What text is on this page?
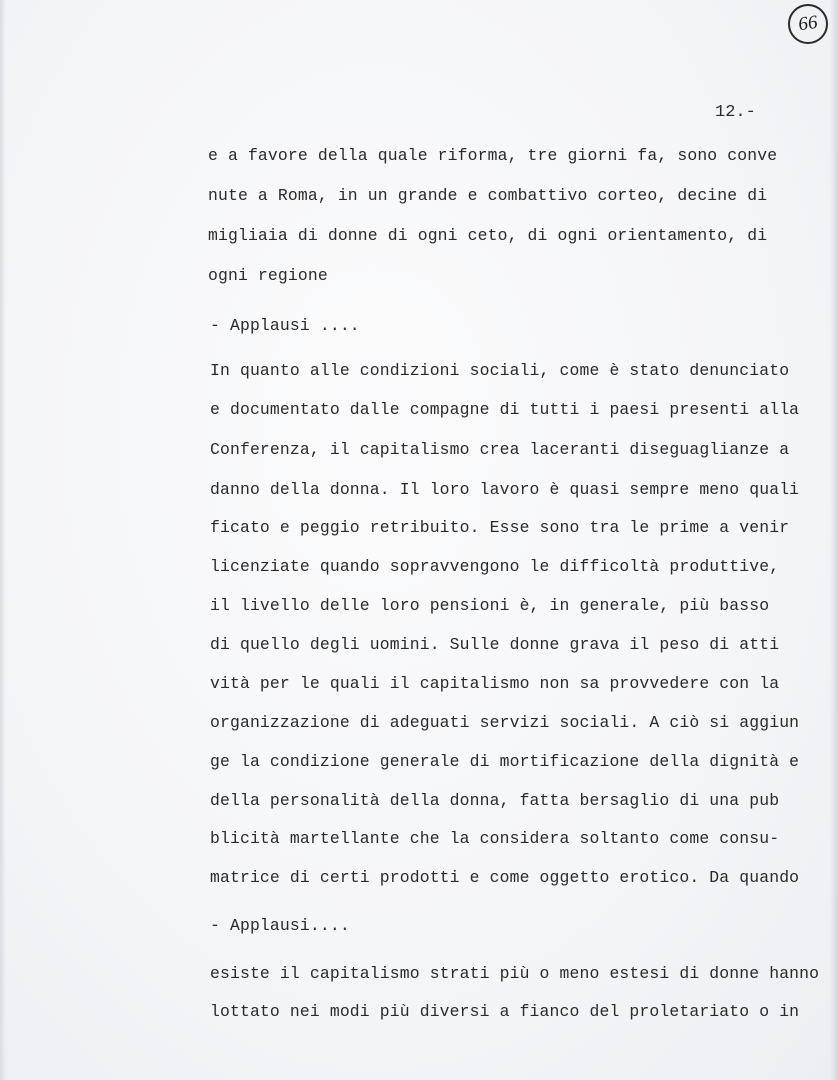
66
12.-
e a favore della quale riforma, tre giorni fa, sono conve
nute a Roma, in un grande e combattivo corteo, decine di
migliaia di donne di ogni ceto, di ogni orientamento, di
ogni regione
- Applausi ....
In quanto alle condizioni sociali, come è stato denunciato
e documentato dalle compagne di tutti i paesi presenti alla
Conferenza, il capitalismo crea laceranti diseguaglianze a
danno della donna. Il loro lavoro è quasi sempre meno quali
ficato e peggio retribuito. Esse sono tra le prime a venir
licenziate quando sopravvengono le difficoltà produttive,
il livello delle loro pensioni è, in generale, più basso
di quello degli uomini. Sulle donne grava il peso di atti
vità per le quali il capitalismo non sa provvedere con la
organizzazione di adeguati servizi sociali. A ciò si aggiun
ge la condizione generale di mortificazione della dignità e
della personalità della donna, fatta bersaglio di una pub
blicità martellante che la considera soltanto come consu-
matrice di certi prodotti e come oggetto erotico. Da quando
- Applausi....
esiste il capitalismo strati più o meno estesi di donne hanno
lottato nei modi più diversi a fianco del proletariato o in
